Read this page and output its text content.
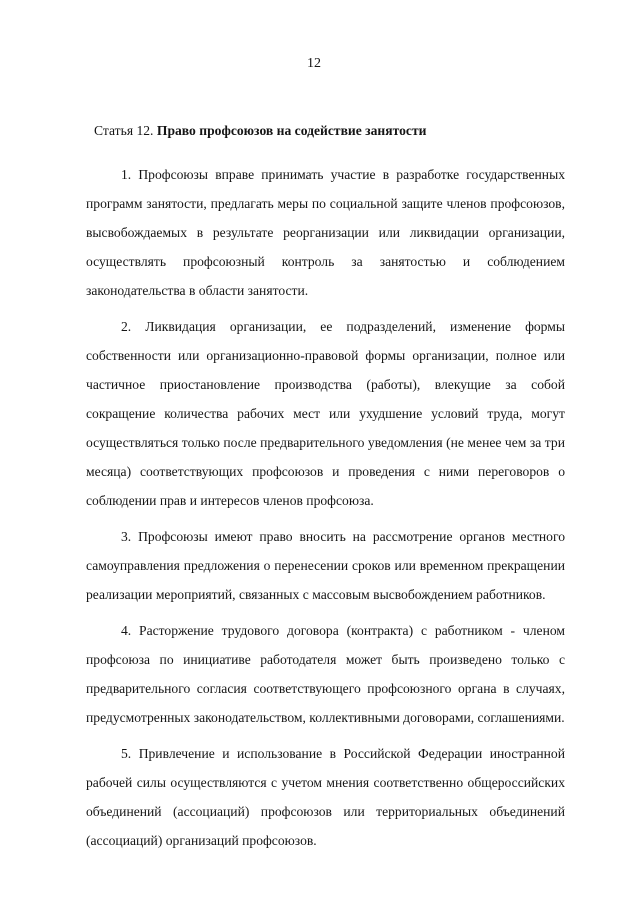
12
Статья 12. Право профсоюзов на содействие занятости

1. Профсоюзы вправе принимать участие в разработке государственных программ занятости, предлагать меры по социальной защите членов профсоюзов, высвобождаемых в результате реорганизации или ликвидации организации, осуществлять профсоюзный контроль за занятостью и соблюдением законодательства в области занятости.

2. Ликвидация организации, ее подразделений, изменение формы собственности или организационно-правовой формы организации, полное или частичное приостановление производства (работы), влекущие за собой сокращение количества рабочих мест или ухудшение условий труда, могут осуществляться только после предварительного уведомления (не менее чем за три месяца) соответствующих профсоюзов и проведения с ними переговоров о соблюдении прав и интересов членов профсоюза.

3. Профсоюзы имеют право вносить на рассмотрение органов местного самоуправления предложения о перенесении сроков или временном прекращении реализации мероприятий, связанных с массовым высвобождением работников.

4. Расторжение трудового договора (контракта) с работником - членом профсоюза по инициативе работодателя может быть произведено только с предварительного согласия соответствующего профсоюзного органа в случаях, предусмотренных законодательством, коллективными договорами, соглашениями.

5. Привлечение и использование в Российской Федерации иностранной рабочей силы осуществляются с учетом мнения соответственно общероссийских объединений (ассоциаций) профсоюзов или территориальных объединений (ассоциаций) организаций профсоюзов.
